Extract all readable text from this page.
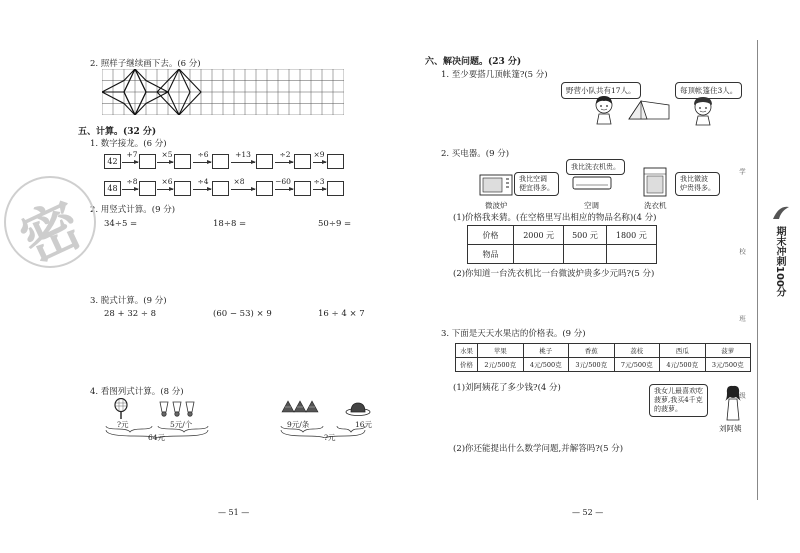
2. 照样子继续画下去。(6 分)
五、计算。(32 分)
1. 数字接龙。(6 分)
42
+7	×5	÷6	+13	÷2	×9
48
÷8	×6	÷4	×8	−60	÷3
2. 用竖式计算。(9 分)
34÷5 =	18÷8 =	50÷9 =
3. 脱式计算。(9 分)
28 + 32 ÷ 8	(60 − 53) × 9	16 ÷ 4 × 7
4. 看图列式计算。(8 分)
?元	5元/个
64元
9元/条	16元
?元
密
— 51 —
六、解决问题。(23 分)
1. 至少要搭几顶帐篷?(5 分)
野营小队共有17人。	每顶帐篷住3人。
2. 买电器。(9 分)
我比空调
便宜得多。
微波炉
我比洗衣机贵。
空调
我比微波
炉贵得多。
洗衣机
(1)价格我来猜。(在空格里写出相应的物品名称)(4 分)
价格	2000 元	500 元	1800 元
物品			
(2)你知道一台洗衣机比一台微波炉贵多少元吗?(5 分)
3. 下面是天天水果店的价格表。(9 分)
水果	苹果	桃子	香蕉	荔枝	西瓜	菠萝
价格	2元/500克	4元/500克	3元/500克	7元/500克	4元/500克	3元/500克
(1)刘阿姨花了多少钱?(4 分)	我女儿最喜欢吃
菠萝,我买4千克
的菠萝。
刘阿姨
(2)你还能提出什么数学问题,并解答吗?(5 分)
— 52 —
学
校
班
级
期末冲刺100分
